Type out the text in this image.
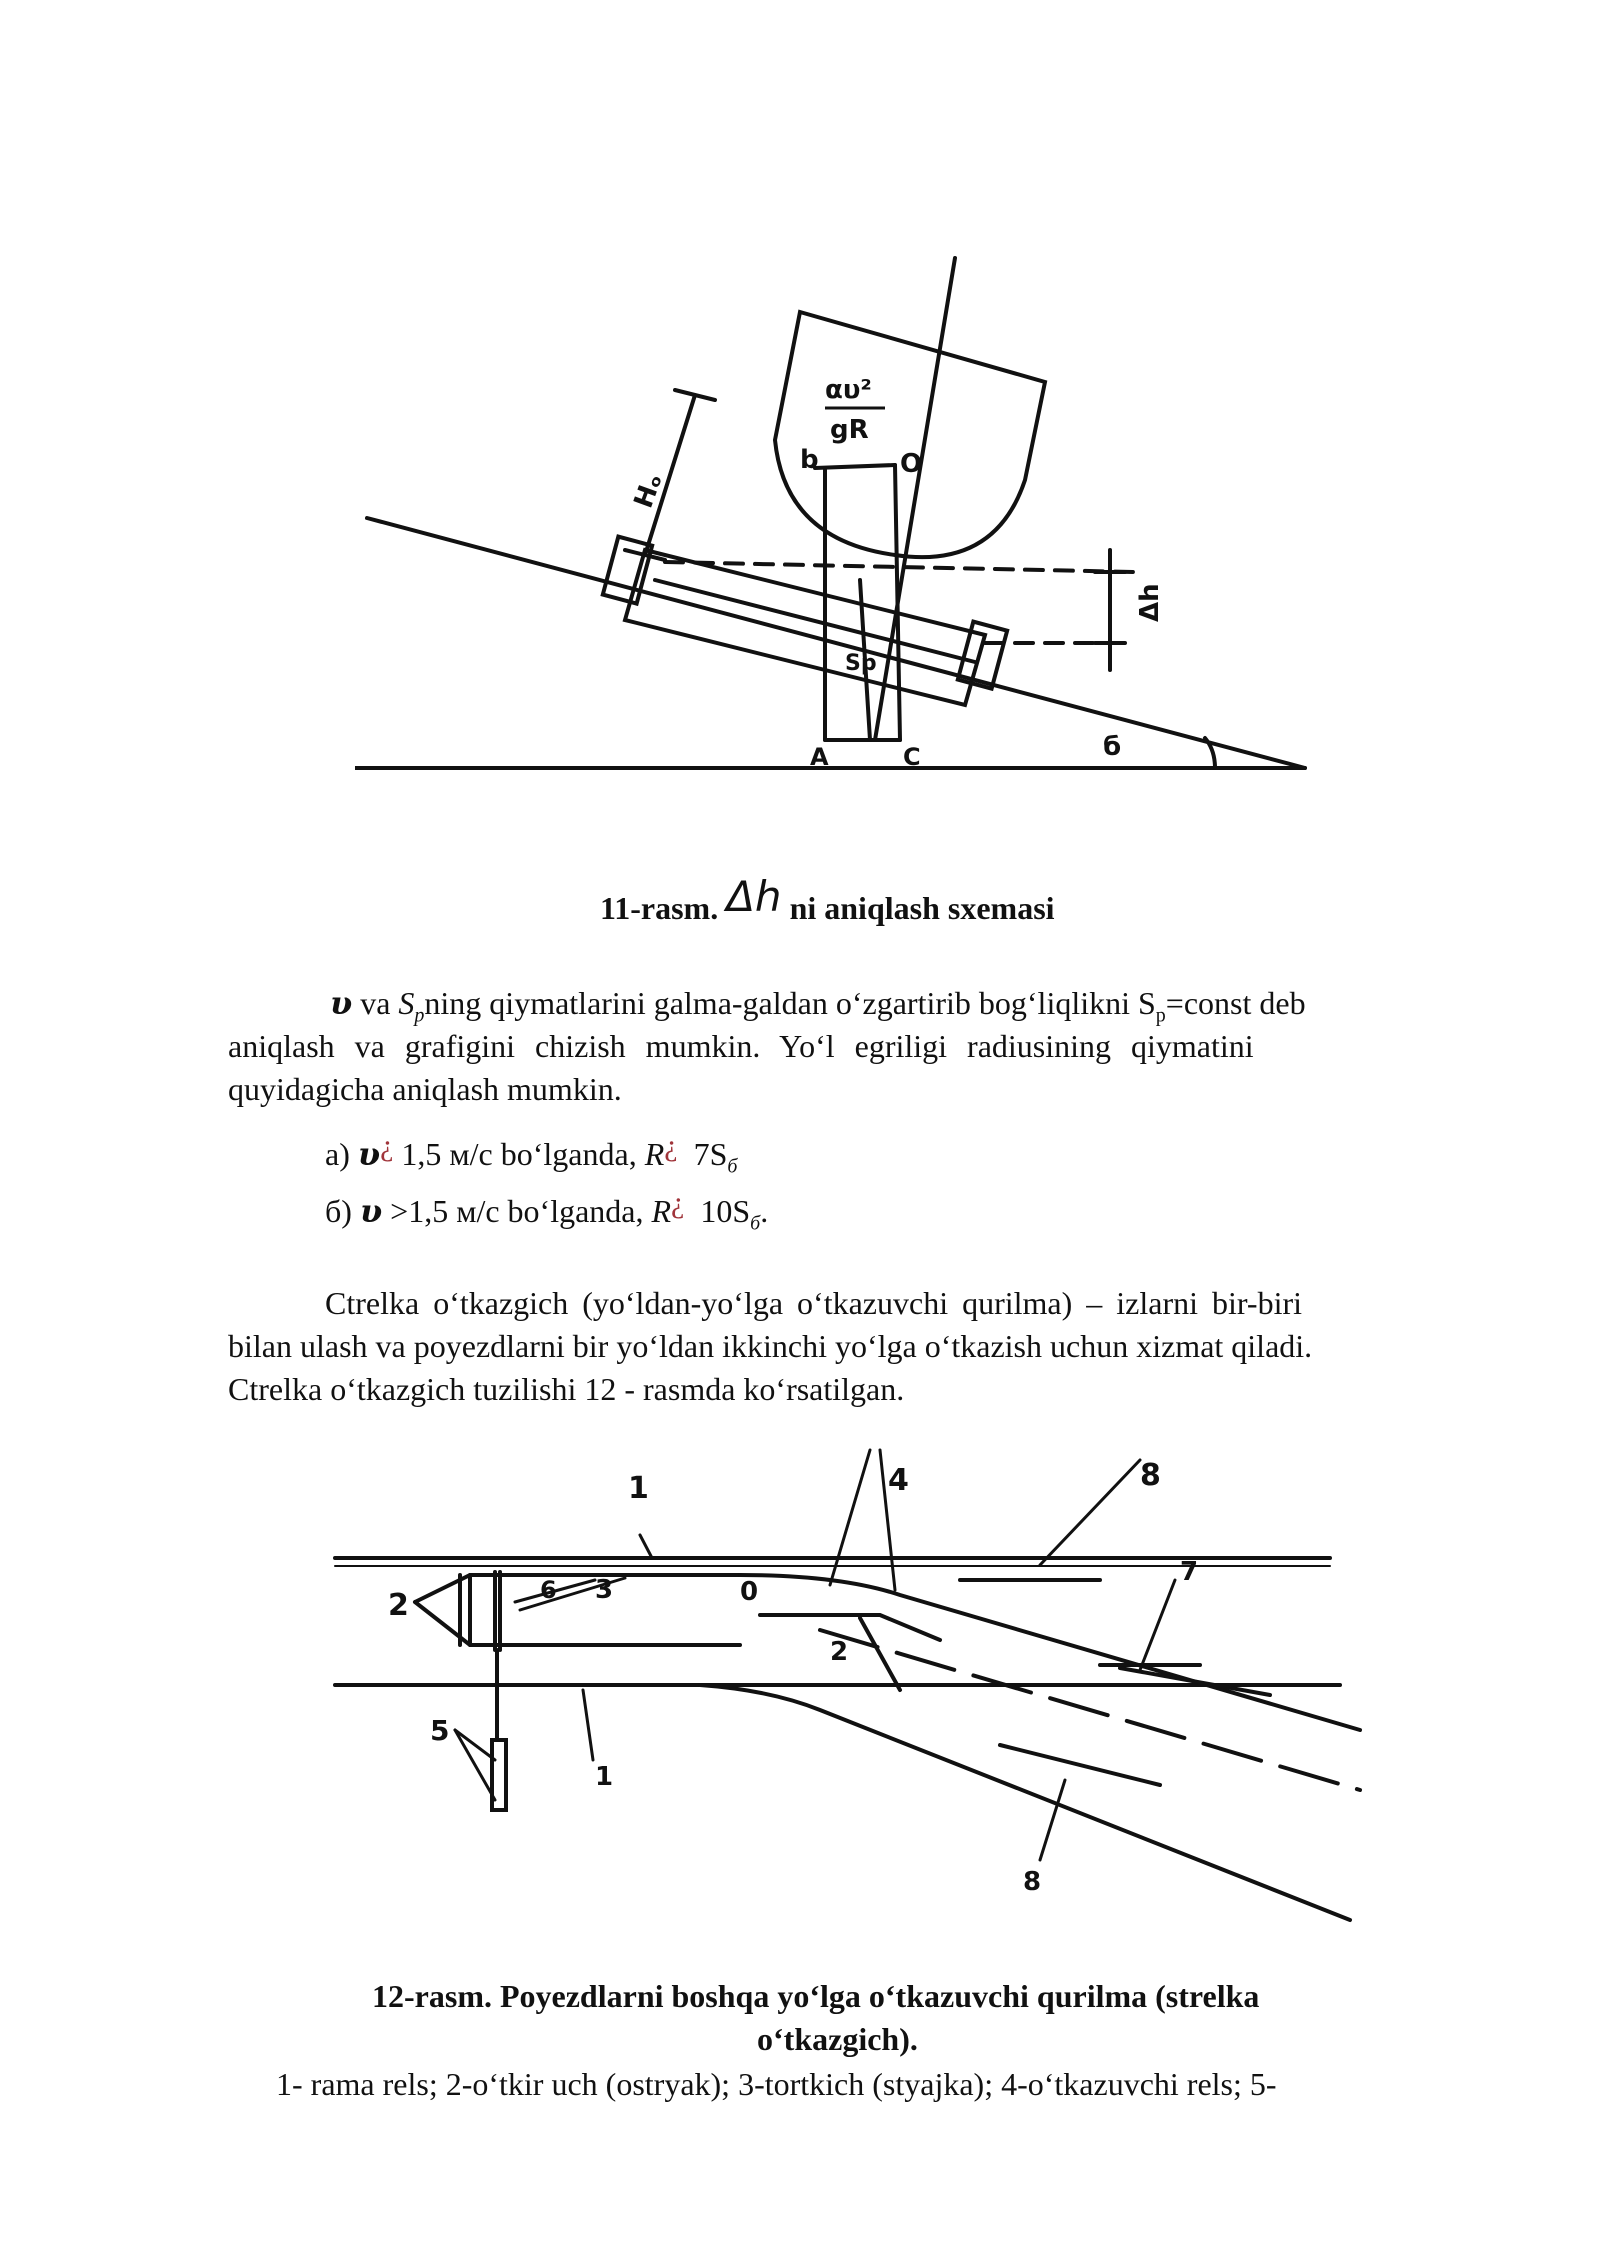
Hₒ
αυ²
gR
b	O
A	C
Sp
Δh
б
11-rasm. Δh ni aniqlash sxemasi
υ va $S_pning$ qiymatlarini galma-galdan o‘zgartirib bog‘liqlikni $S_p=const$ deb
aniqlash va grafigini chizish mumkin. Yo‘l egriligi radiusining qiymatini
quyidagicha aniqlash mumkin.
а) υ¿ 1,5 м/с bo‘lganda, R¿ $7S_б$
б) υ >1,5 м/с bo‘lganda, R¿ $10S_б$.
Ctrelka o‘tkazgich (yo‘ldan-yo‘lga o‘tkazuvchi qurilma) – izlarni bir-biri
bilan ulash va poyezdlarni bir yo‘ldan ikkinchi yo‘lga o‘tkazish uchun xizmat qiladi.
Ctrelka o‘tkazgich tuzilishi 12 - rasmda ko‘rsatilgan.
1	4	8
2	6 3	0
2
7
5
1
8
12-rasm. Poyezdlarni boshqa yo‘lga o‘tkazuvchi qurilma (strelka
o‘tkazgich).
1- rama rels; 2-o‘tkir uch (ostryak); 3-tortkich (styajka); 4-o‘tkazuvchi rels; 5-
